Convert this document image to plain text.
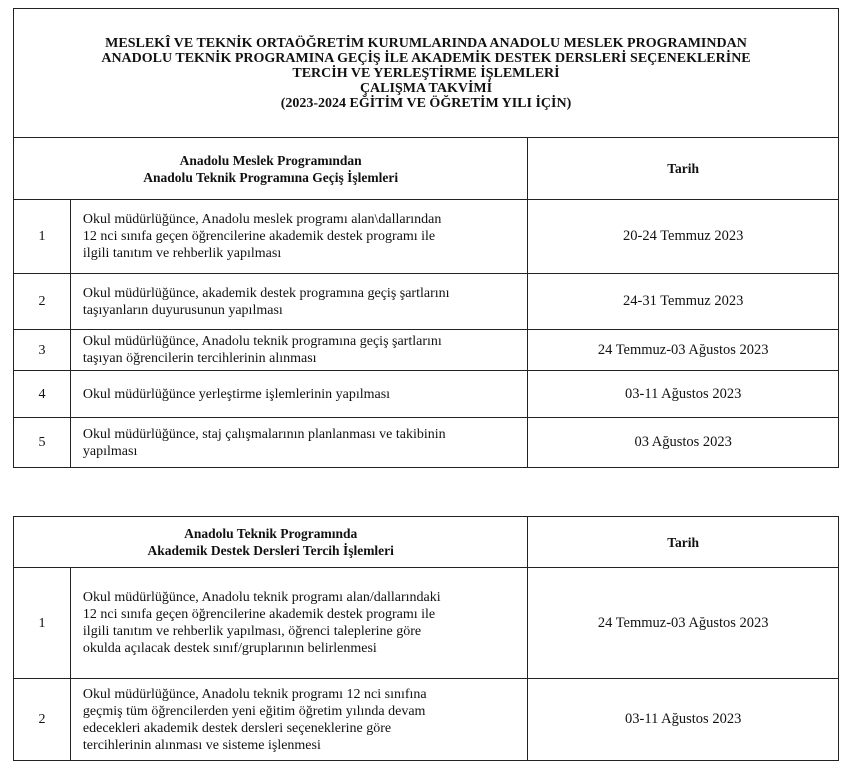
MESLEKÎ VE TEKNİK ORTAÖĞRETİM KURUMLARINDA ANADOLU MESLEK PROGRAMINDAN
ANADOLU TEKNİK PROGRAMINA GEÇİŞ İLE AKADEMİK DESTEK DERSLERİ SEÇENEKLERİNE
TERCİH VE YERLEŞTİRME İŞLEMLERİ
ÇALIŞMA TAKVİMİ
(2023-2024 EĞİTİM VE ÖĞRETİM YILI İÇİN)		

Anadolu Meslek Programından
Anadolu Teknik Programına Geçiş İşlemleri		Tarih
1	Okul müdürlüğünce, Anadolu meslek programı alan\dallarından
12 nci sınıfa geçen öğrencilerine akademik destek programı ile
ilgili tanıtım ve rehberlik yapılması	20-24 Temmuz 2023
2	Okul müdürlüğünce, akademik destek programına geçiş şartlarını
taşıyanların duyurusunun yapılması	24-31 Temmuz 2023
3	Okul müdürlüğünce, Anadolu teknik programına geçiş şartlarını
taşıyan öğrencilerin tercihlerinin alınması	24 Temmuz-03 Ağustos 2023
4	Okul müdürlüğünce yerleştirme işlemlerinin yapılması	03-11 Ağustos 2023
5	Okul müdürlüğünce, staj çalışmalarının planlanması ve takibinin
yapılması	03 Ağustos 2023
Anadolu Teknik Programında
Akademik Destek Dersleri Tercih İşlemleri		Tarih
1	Okul müdürlüğünce, Anadolu teknik programı alan/dallarındaki
12 nci sınıfa geçen öğrencilerine akademik destek programı ile
ilgili tanıtım ve rehberlik yapılması, öğrenci taleplerine göre
okulda açılacak destek sınıf/gruplarının belirlenmesi	24 Temmuz-03 Ağustos 2023
2	Okul müdürlüğünce, Anadolu teknik programı 12 nci sınıfına
geçmiş tüm öğrencilerden yeni eğitim öğretim yılında devam
edecekleri akademik destek dersleri seçeneklerine göre
tercihlerinin alınması ve sisteme işlenmesi	03-11 Ağustos 2023
